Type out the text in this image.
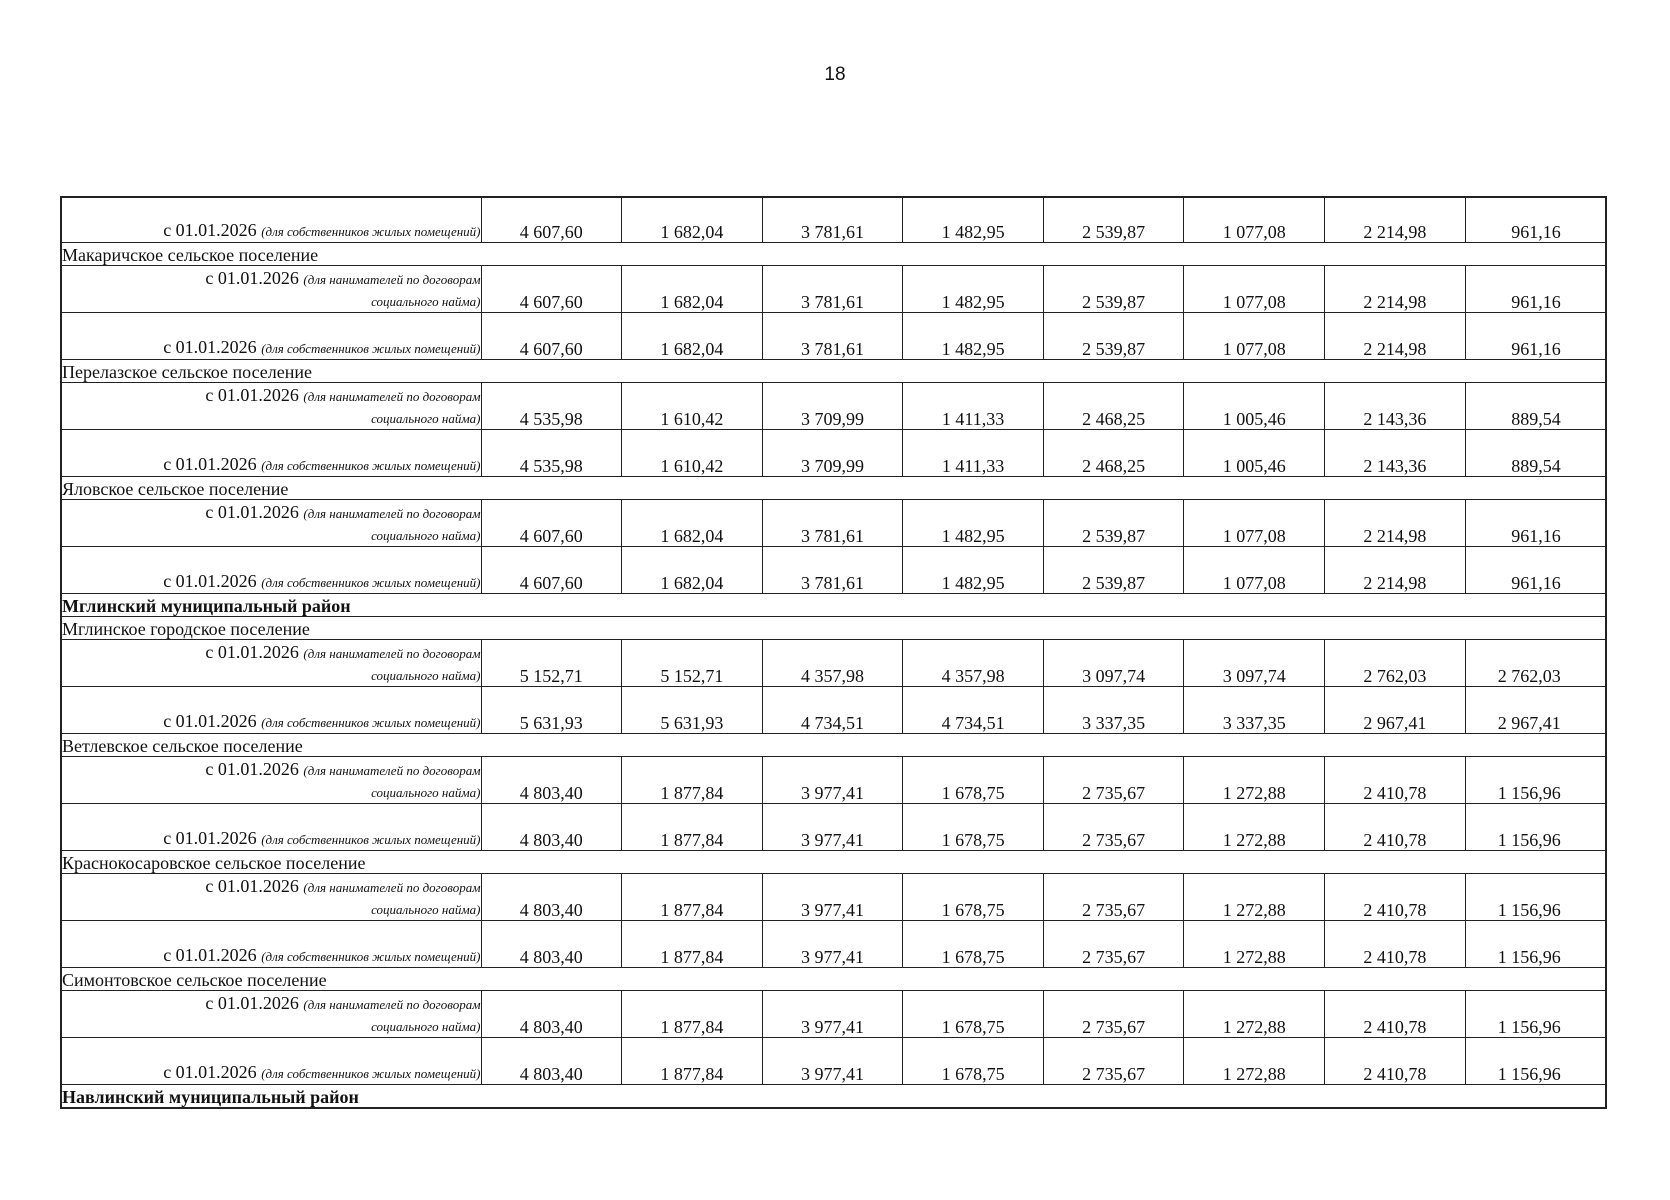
18
с 01.01.2026 (для собственников жилых помещений)	4 607,60	1 682,04	3 781,61	1 482,95	2 539,87	1 077,08	2 214,98	961,16
Макаричское сельское поселение								
с 01.01.2026 (для нанимателей по договорам
социального найма)	4 607,60	1 682,04	3 781,61	1 482,95	2 539,87	1 077,08	2 214,98	961,16
с 01.01.2026 (для собственников жилых помещений)	4 607,60	1 682,04	3 781,61	1 482,95	2 539,87	1 077,08	2 214,98	961,16
Перелазское сельское поселение								
с 01.01.2026 (для нанимателей по договорам
социального найма)	4 535,98	1 610,42	3 709,99	1 411,33	2 468,25	1 005,46	2 143,36	889,54
с 01.01.2026 (для собственников жилых помещений)	4 535,98	1 610,42	3 709,99	1 411,33	2 468,25	1 005,46	2 143,36	889,54
Яловское сельское поселение								
с 01.01.2026 (для нанимателей по договорам
социального найма)	4 607,60	1 682,04	3 781,61	1 482,95	2 539,87	1 077,08	2 214,98	961,16
с 01.01.2026 (для собственников жилых помещений)	4 607,60	1 682,04	3 781,61	1 482,95	2 539,87	1 077,08	2 214,98	961,16
Мглинский муниципальный район								
Мглинское городское поселение								
с 01.01.2026 (для нанимателей по договорам
социального найма)	5 152,71	5 152,71	4 357,98	4 357,98	3 097,74	3 097,74	2 762,03	2 762,03
с 01.01.2026 (для собственников жилых помещений)	5 631,93	5 631,93	4 734,51	4 734,51	3 337,35	3 337,35	2 967,41	2 967,41
Ветлевское сельское поселение								
с 01.01.2026 (для нанимателей по договорам
социального найма)	4 803,40	1 877,84	3 977,41	1 678,75	2 735,67	1 272,88	2 410,78	1 156,96
с 01.01.2026 (для собственников жилых помещений)	4 803,40	1 877,84	3 977,41	1 678,75	2 735,67	1 272,88	2 410,78	1 156,96
Краснокосаровское сельское поселение								
с 01.01.2026 (для нанимателей по договорам
социального найма)	4 803,40	1 877,84	3 977,41	1 678,75	2 735,67	1 272,88	2 410,78	1 156,96
с 01.01.2026 (для собственников жилых помещений)	4 803,40	1 877,84	3 977,41	1 678,75	2 735,67	1 272,88	2 410,78	1 156,96
Симонтовское сельское поселение								
с 01.01.2026 (для нанимателей по договорам
социального найма)	4 803,40	1 877,84	3 977,41	1 678,75	2 735,67	1 272,88	2 410,78	1 156,96
с 01.01.2026 (для собственников жилых помещений)	4 803,40	1 877,84	3 977,41	1 678,75	2 735,67	1 272,88	2 410,78	1 156,96
Навлинский муниципальный район								
